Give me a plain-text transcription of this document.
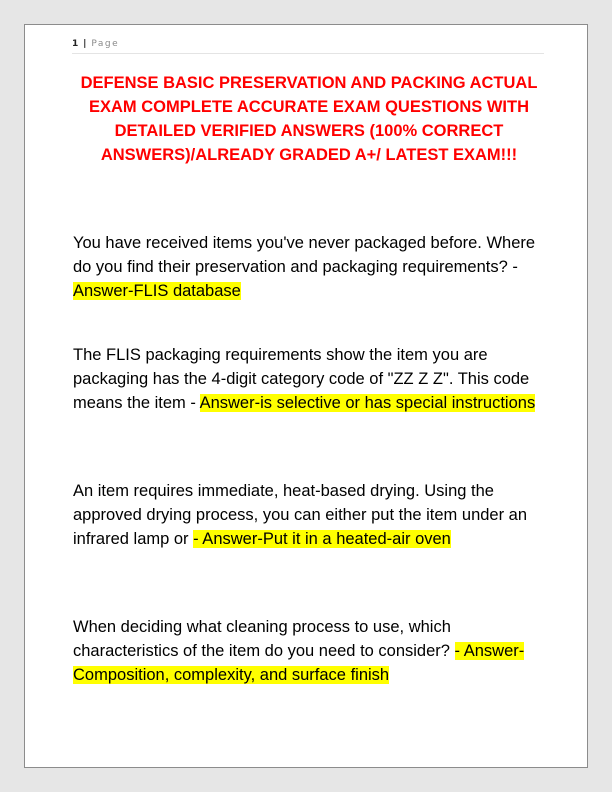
1 | Page
DEFENSE BASIC PRESERVATION AND PACKING ACTUAL EXAM COMPLETE ACCURATE EXAM QUESTIONS WITH DETAILED VERIFIED ANSWERS (100% CORRECT ANSWERS)/ALREADY GRADED A+/ LATEST EXAM!!!

You have received items you've never packaged before. Where do you find their preservation and packaging requirements? - Answer-FLIS database

The FLIS packaging requirements show the item you are packaging has the 4-digit category code of "ZZ Z Z". This code means the item - Answer-is selective or has special instructions

An item requires immediate, heat-based drying. Using the approved drying process, you can either put the item under an infrared lamp or - Answer-Put it in a heated-air oven

When deciding what cleaning process to use, which characteristics of the item do you need to consider? - Answer-Composition, complexity, and surface finish
